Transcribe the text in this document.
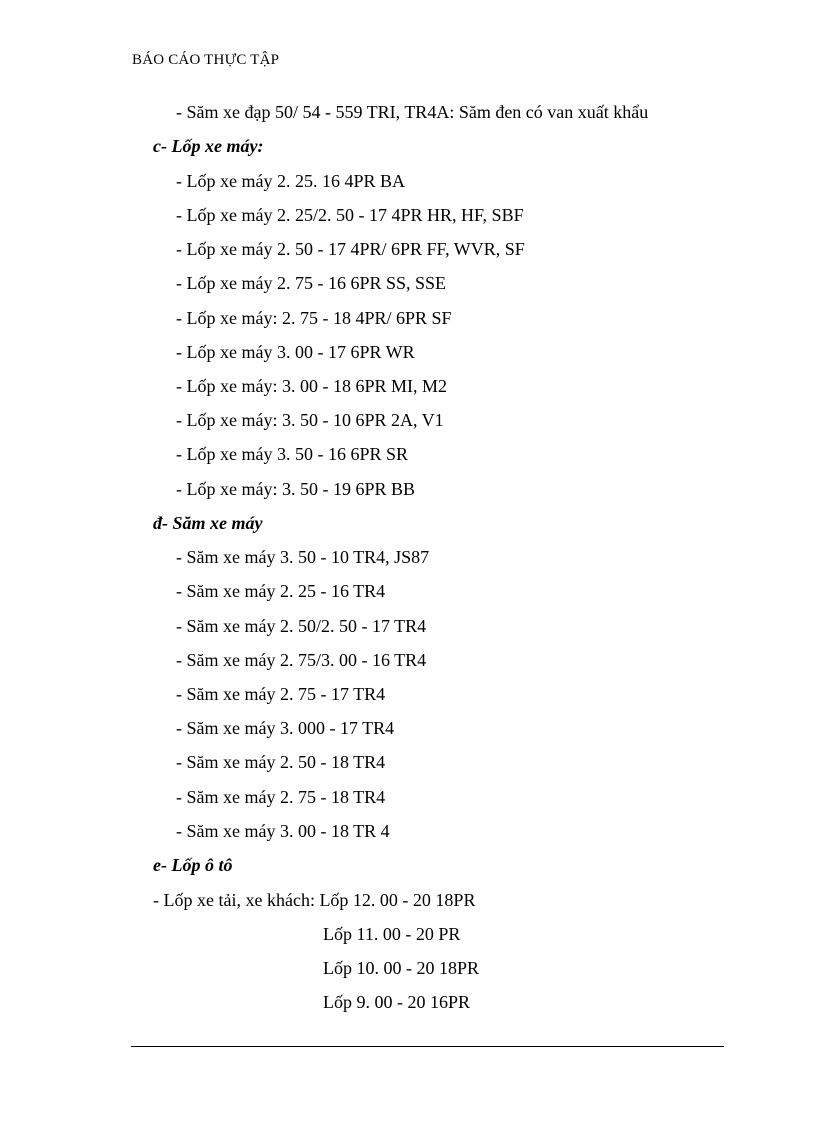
BÁO CÁO THỰC TẬP
- Săm xe đạp 50/ 54 - 559 TRI, TR4A: Săm đen có van xuất khẩu
c- Lốp xe máy:
- Lốp xe máy 2. 25. 16 4PR BA
- Lốp xe máy 2. 25/2. 50 - 17 4PR HR, HF, SBF
- Lốp xe máy 2. 50 - 17 4PR/ 6PR FF, WVR, SF
- Lốp xe máy 2. 75 - 16 6PR SS, SSE
- Lốp xe máy: 2. 75 - 18 4PR/ 6PR SF
- Lốp xe máy 3. 00 - 17 6PR WR
- Lốp xe máy: 3. 00 - 18 6PR MI, M2
- Lốp xe máy: 3. 50 - 10 6PR 2A, V1
- Lốp xe máy 3. 50 - 16 6PR SR
- Lốp xe máy: 3. 50 - 19 6PR BB
đ- Săm xe máy
- Săm xe máy 3. 50 - 10 TR4, JS87
- Săm xe máy 2. 25 - 16 TR4
- Săm xe máy 2. 50/2. 50 - 17 TR4
- Săm xe máy 2. 75/3. 00 - 16 TR4
- Săm xe máy 2. 75 - 17 TR4
- Săm xe máy 3. 000 - 17 TR4
- Săm xe máy 2. 50 - 18 TR4
- Săm xe máy 2. 75 - 18 TR4
- Săm xe máy 3. 00 - 18 TR 4
e- Lốp ô tô
- Lốp xe tải, xe khách: Lốp 12. 00 - 20 18PR
Lốp 11. 00 - 20 PR
Lốp 10. 00 - 20 18PR
Lốp 9. 00 - 20 16PR
